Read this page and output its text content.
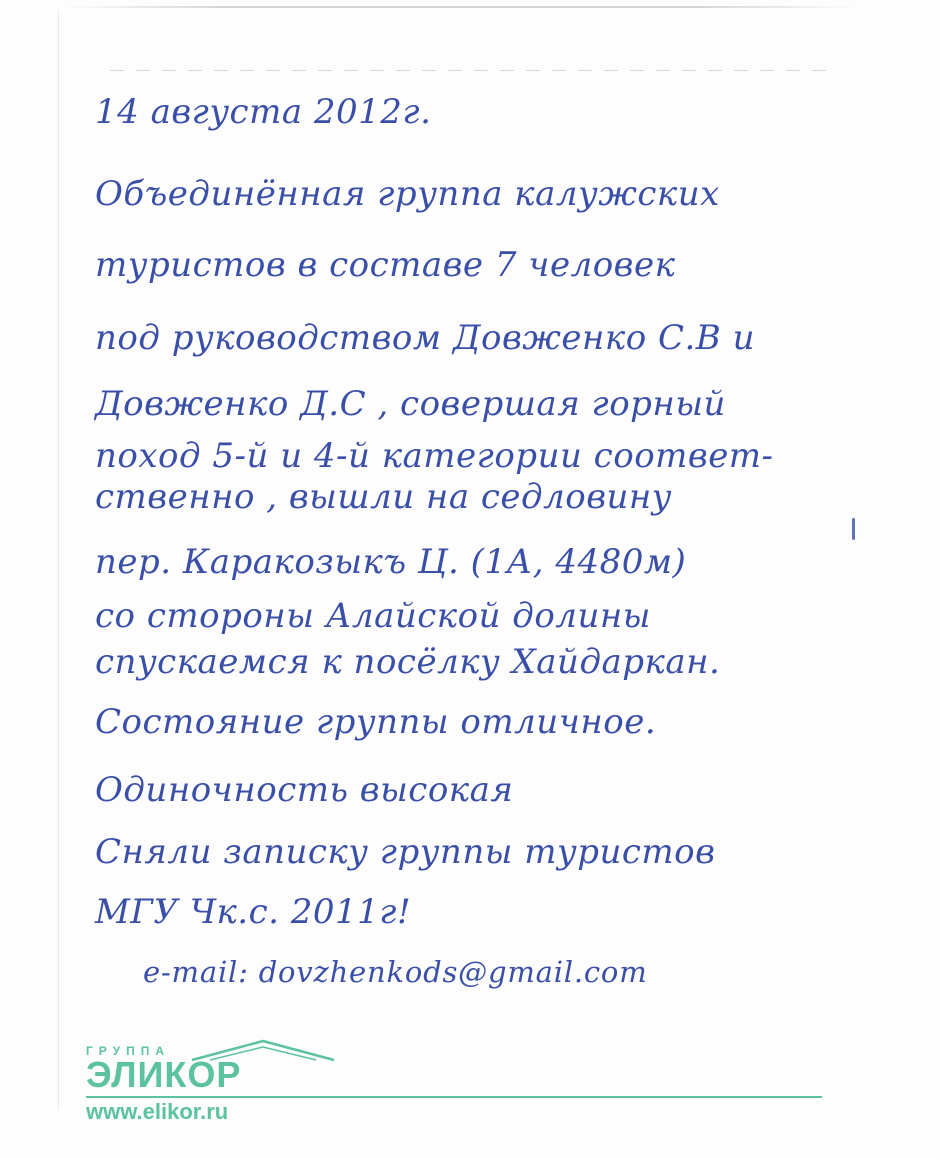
14 августа 2012г.
Объединённая группа калужских
туристов в составе 7 человек
под руководством Довженко С.В и
Довженко Д.С , совершая горный
поход 5-й и 4-й категории соответ-
ственно , вышли на седловину
пер. Каракозыкъ Ц. (1А, 4480м)
со стороны Алайской долины
спускаемся к посёлку Хайдаркан.
Состояние группы отличное.
Одиночность высокая
Сняли записку группы туристов
МГУ Чк.с. 2011г!
e-mail: dovzhenkods@gmail.com
ГРУППА
ЭЛИКОР
www.elikor.ru
